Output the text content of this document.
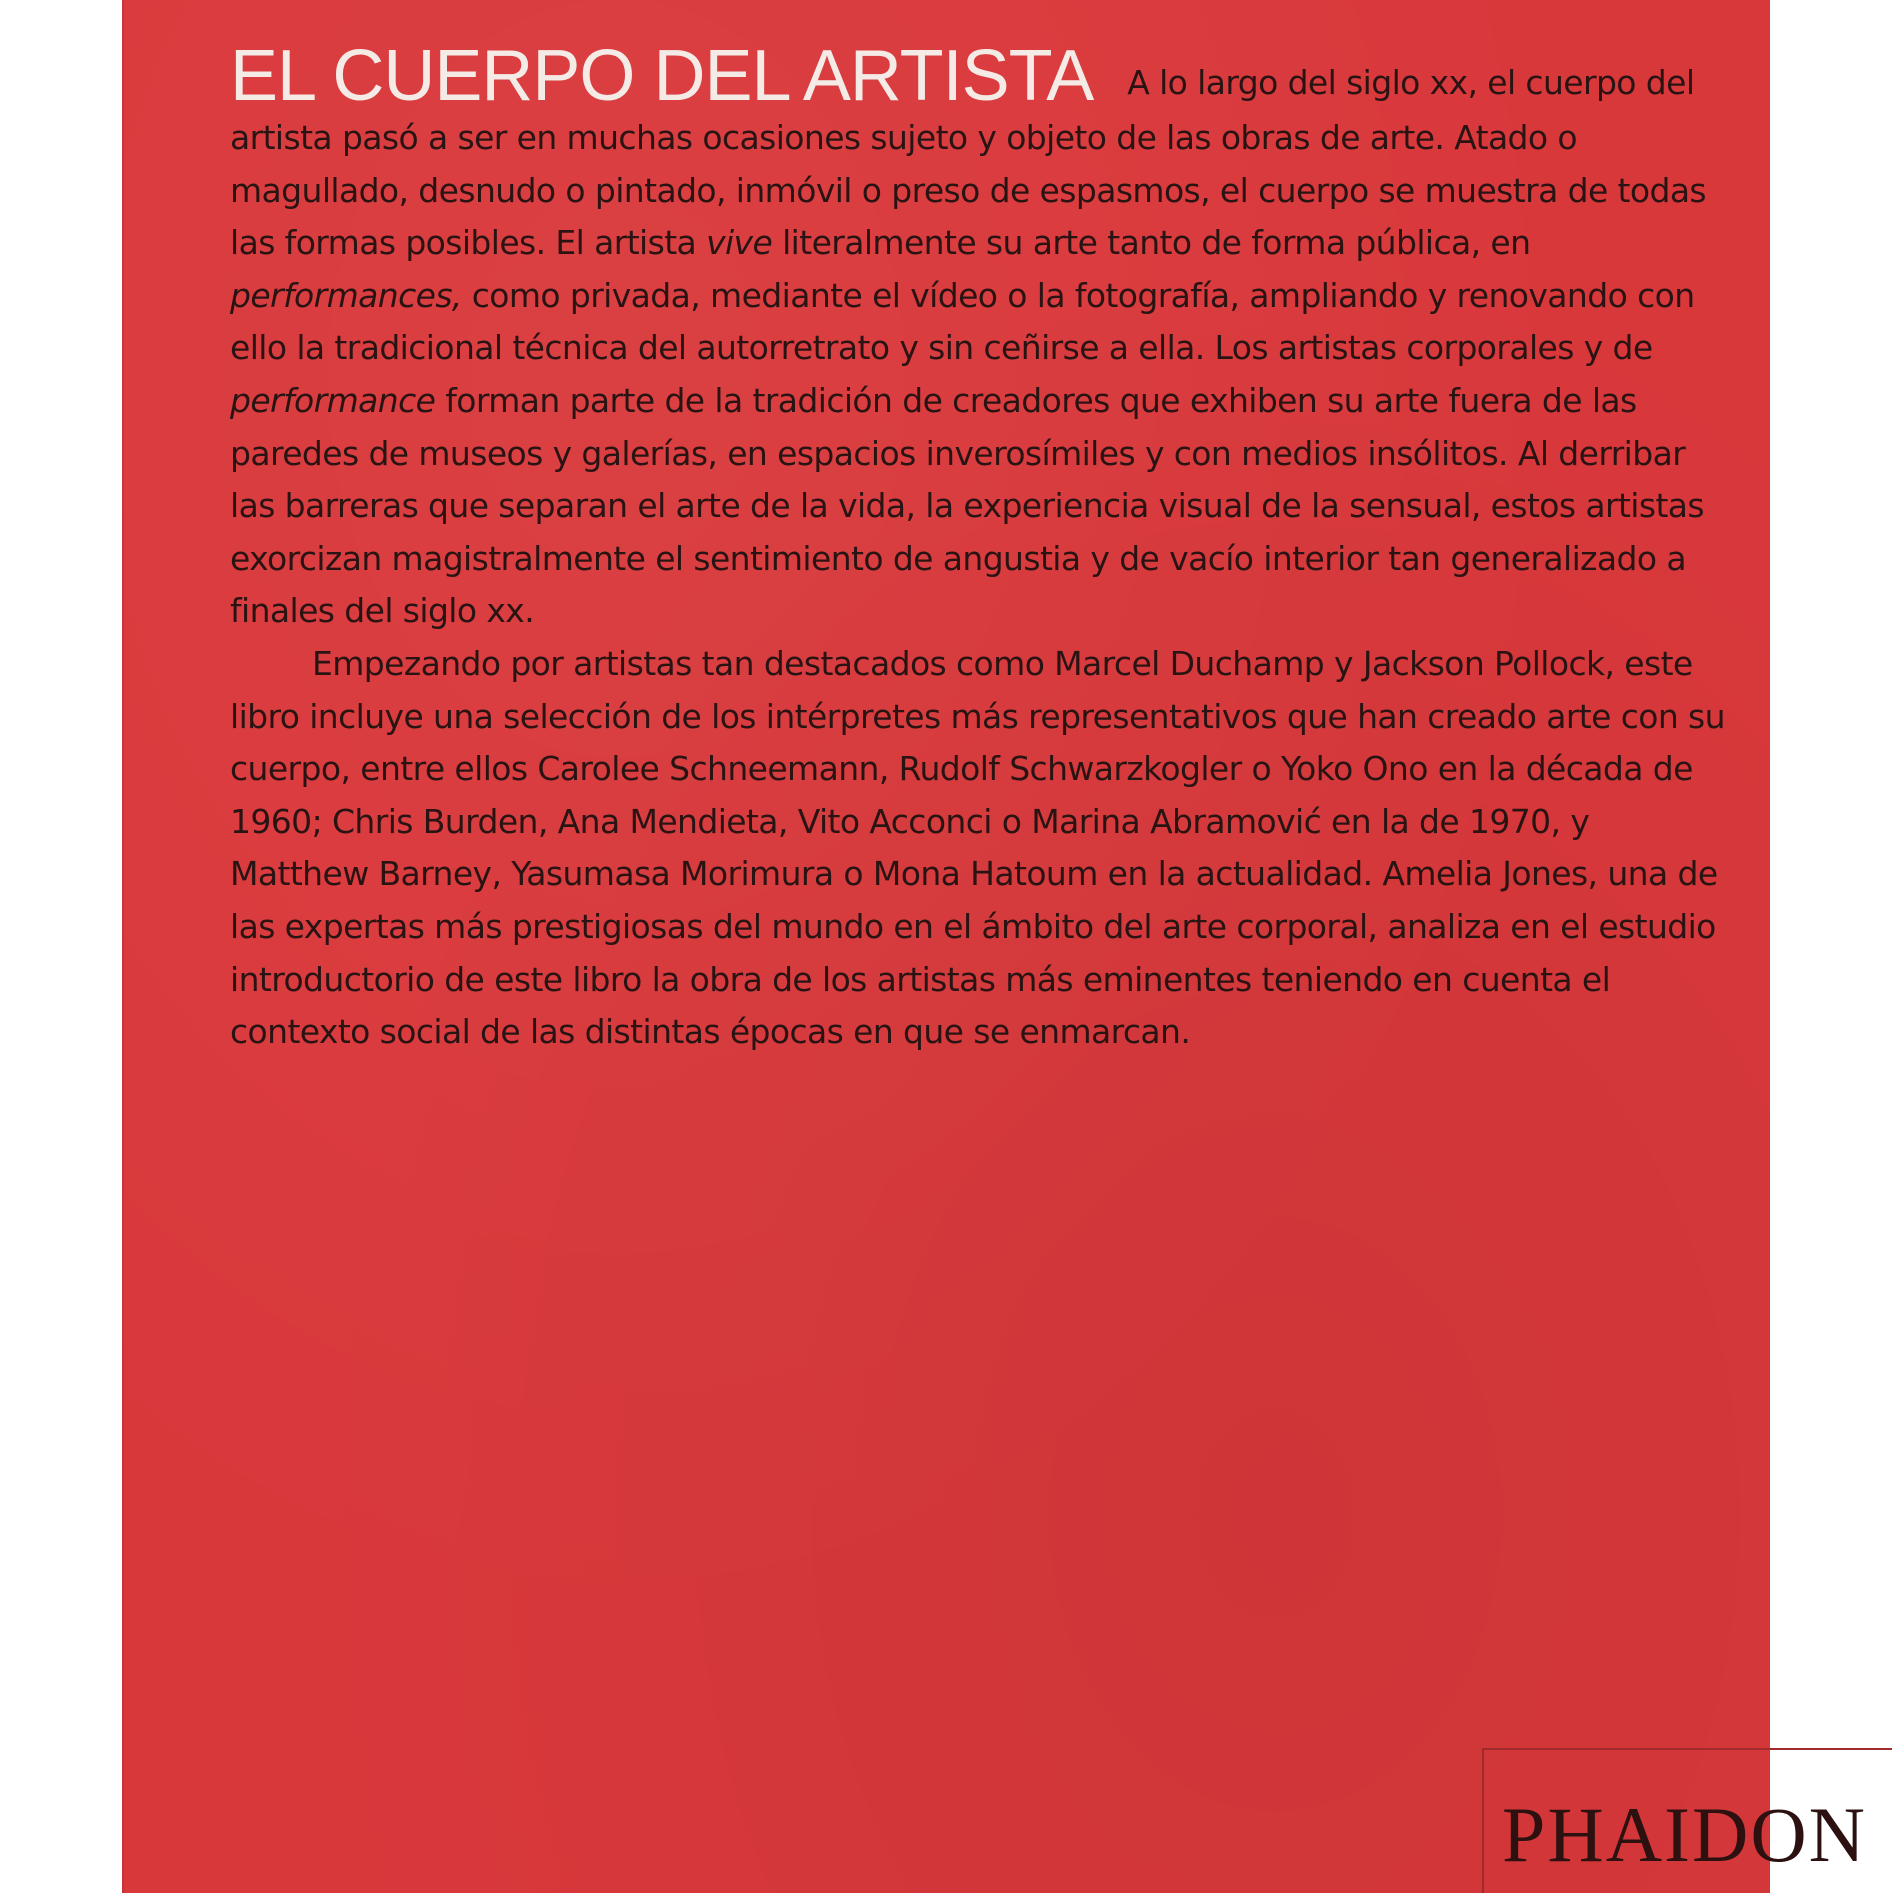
EL CUERPO DEL ARTISTA A lo largo del siglo xx, el cuerpo del artista pasó a ser en muchas ocasiones sujeto y objeto de las obras de arte. Atado o magullado, desnudo o pintado, inmóvil o preso de espasmos, el cuerpo se muestra de todas las formas posibles. El artista vive literalmente su arte tanto de forma pública, en performances, como privada, mediante el vídeo o la fotografía, ampliando y renovando con ello la tradicional técnica del autorretrato y sin ceñirse a ella. Los artistas corporales y de performance forman parte de la tradición de creadores que exhiben su arte fuera de las paredes de museos y galerías, en espacios inverosímiles y con medios insólitos. Al derribar las barreras que separan el arte de la vida, la experiencia visual de la sensual, estos artistas exorcizan magistralmente el sentimiento de angustia y de vacío interior tan generalizado a finales del siglo xx.

Empezando por artistas tan destacados como Marcel Duchamp y Jackson Pollock, este libro incluye una selección de los intérpretes más representativos que han creado arte con su cuerpo, entre ellos Carolee Schneemann, Rudolf Schwarzkogler o Yoko Ono en la década de 1960; Chris Burden, Ana Mendieta, Vito Acconci o Marina Abramović en la de 1970, y Matthew Barney, Yasumasa Morimura o Mona Hatoum en la actualidad. Amelia Jones, una de las expertas más prestigiosas del mundo en el ámbito del arte corporal, analiza en el estudio introductorio de este libro la obra de los artistas más eminentes teniendo en cuenta el contexto social de las distintas épocas en que se enmarcan.

PHAIDON
